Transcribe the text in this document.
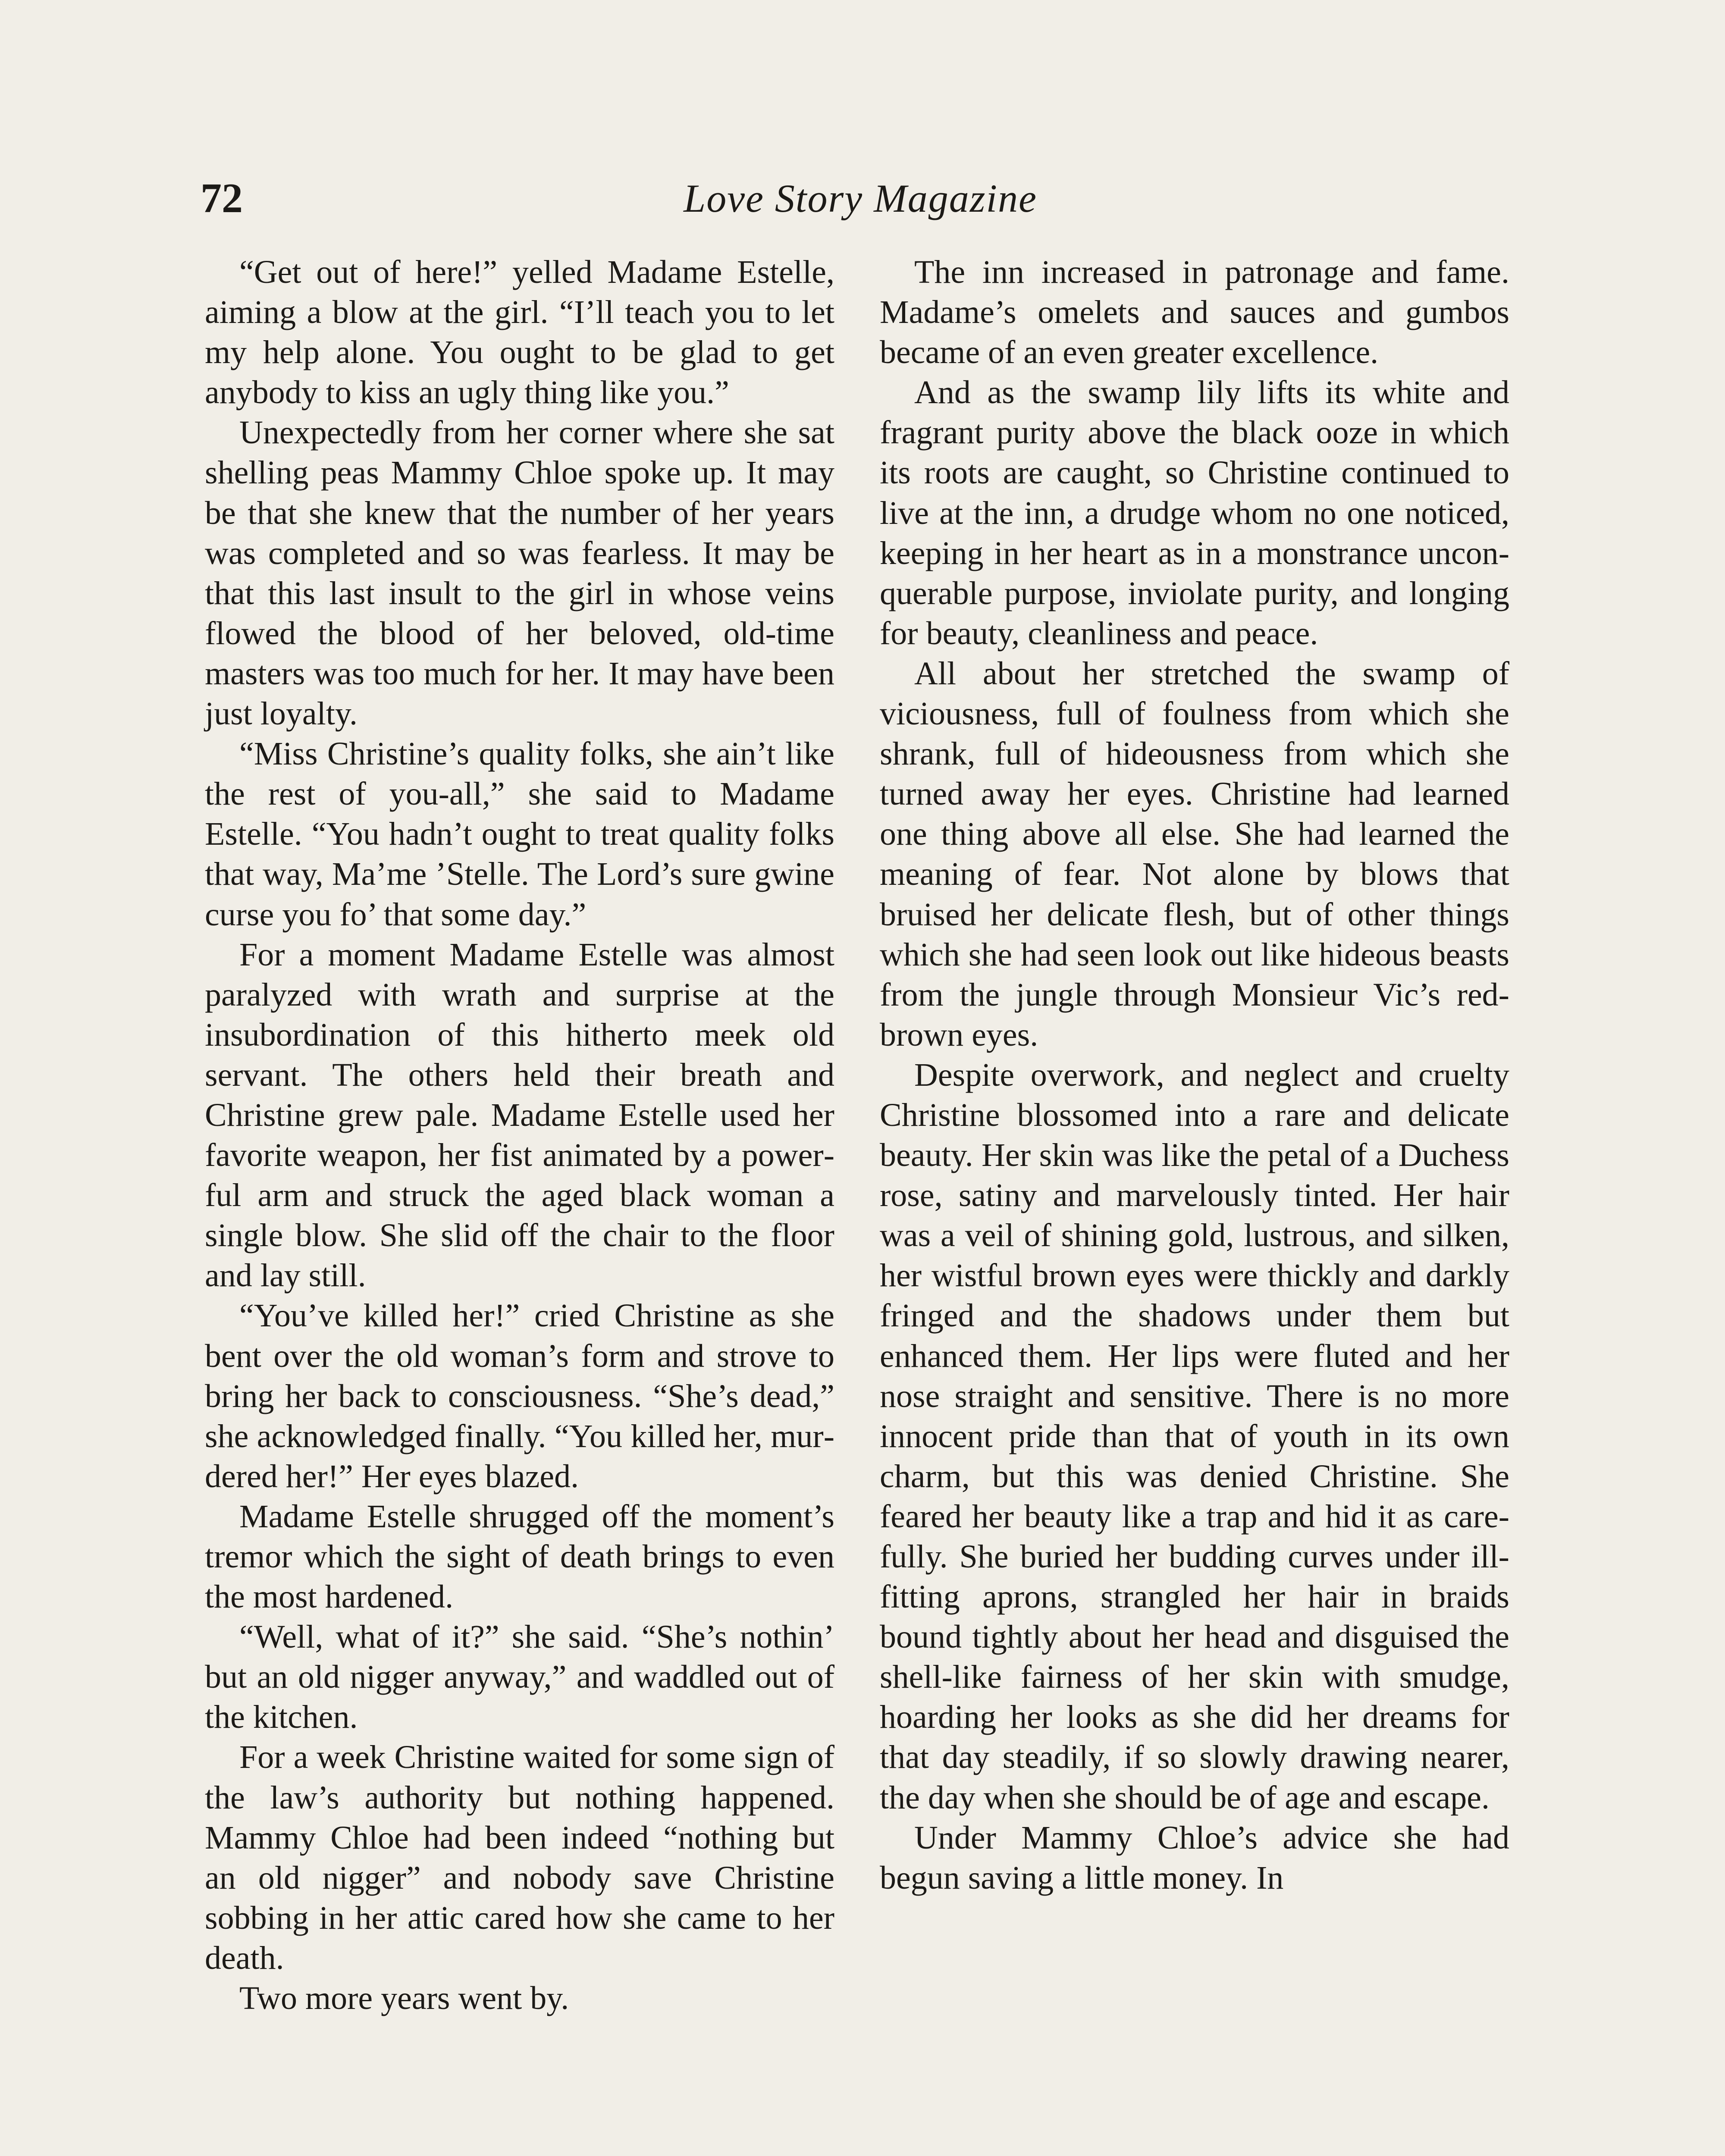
72	Love Story Magazine

“Get out of here!” yelled Madame Estelle, aiming a blow at the girl. “I’ll teach you to let my help alone. You ought to be glad to get anybody to kiss an ugly thing like you.”

Unexpectedly from her corner where she sat shelling peas Mammy Chloe spoke up. It may be that she knew that the number of her years was completed and so was fearless. It may be that this last insult to the girl in whose veins flowed the blood of her beloved, old-time masters was too much for her. It may have been just loyalty.

“Miss Christine’s quality folks, she ain’t like the rest of you-all,” she said to Madame Estelle. “You hadn’t ought to treat quality folks that way, Ma’me ’Stelle. The Lord’s sure gwine curse you fo’ that some day.”

For a moment Madame Estelle was almost paralyzed with wrath and surprise at the insubordination of this hitherto meek old servant. The others held their breath and Christine grew pale. Madame Estelle used her favorite weapon, her fist animated by a powerful arm and struck the aged black woman a single blow. She slid off the chair to the floor and lay still.

“You’ve killed her!” cried Christine as she bent over the old woman’s form and strove to bring her back to consciousness. “She’s dead,” she acknowledged finally. “You killed her, murdered her!” Her eyes blazed.

Madame Estelle shrugged off the moment’s tremor which the sight of death brings to even the most hardened.

“Well, what of it?” she said. “She’s nothin’ but an old nigger anyway,” and waddled out of the kitchen.

For a week Christine waited for some sign of the law’s authority but nothing happened. Mammy Chloe had been indeed “nothing but an old nigger” and nobody save Christine sobbing in her attic cared how she came to her death.

Two more years went by.

The inn increased in patronage and fame. Madame’s omelets and sauces and gumbos became of an even greater excellence.

And as the swamp lily lifts its white and fragrant purity above the black ooze in which its roots are caught, so Christine continued to live at the inn, a drudge whom no one noticed, keeping in her heart as in a monstrance unconquerable purpose, inviolate purity, and longing for beauty, cleanliness and peace.

All about her stretched the swamp of viciousness, full of foulness from which she shrank, full of hideousness from which she turned away her eyes. Christine had learned one thing above all else. She had learned the meaning of fear. Not alone by blows that bruised her delicate flesh, but of other things which she had seen look out like hideous beasts from the jungle through Monsieur Vic’s red-brown eyes.

Despite overwork, and neglect and cruelty Christine blossomed into a rare and delicate beauty. Her skin was like the petal of a Duchess rose, satiny and marvelously tinted. Her hair was a veil of shining gold, lustrous, and silken, her wistful brown eyes were thickly and darkly fringed and the shadows under them but enhanced them. Her lips were fluted and her nose straight and sensitive. There is no more innocent pride than that of youth in its own charm, but this was denied Christine. She feared her beauty like a trap and hid it as carefully. She buried her budding curves under ill-fitting aprons, strangled her hair in braids bound tightly about her head and disguised the shell-like fairness of her skin with smudge, hoarding her looks as she did her dreams for that day steadily, if so slowly drawing nearer, the day when she should be of age and escape.

Under Mammy Chloe’s advice she had begun saving a little money. In
